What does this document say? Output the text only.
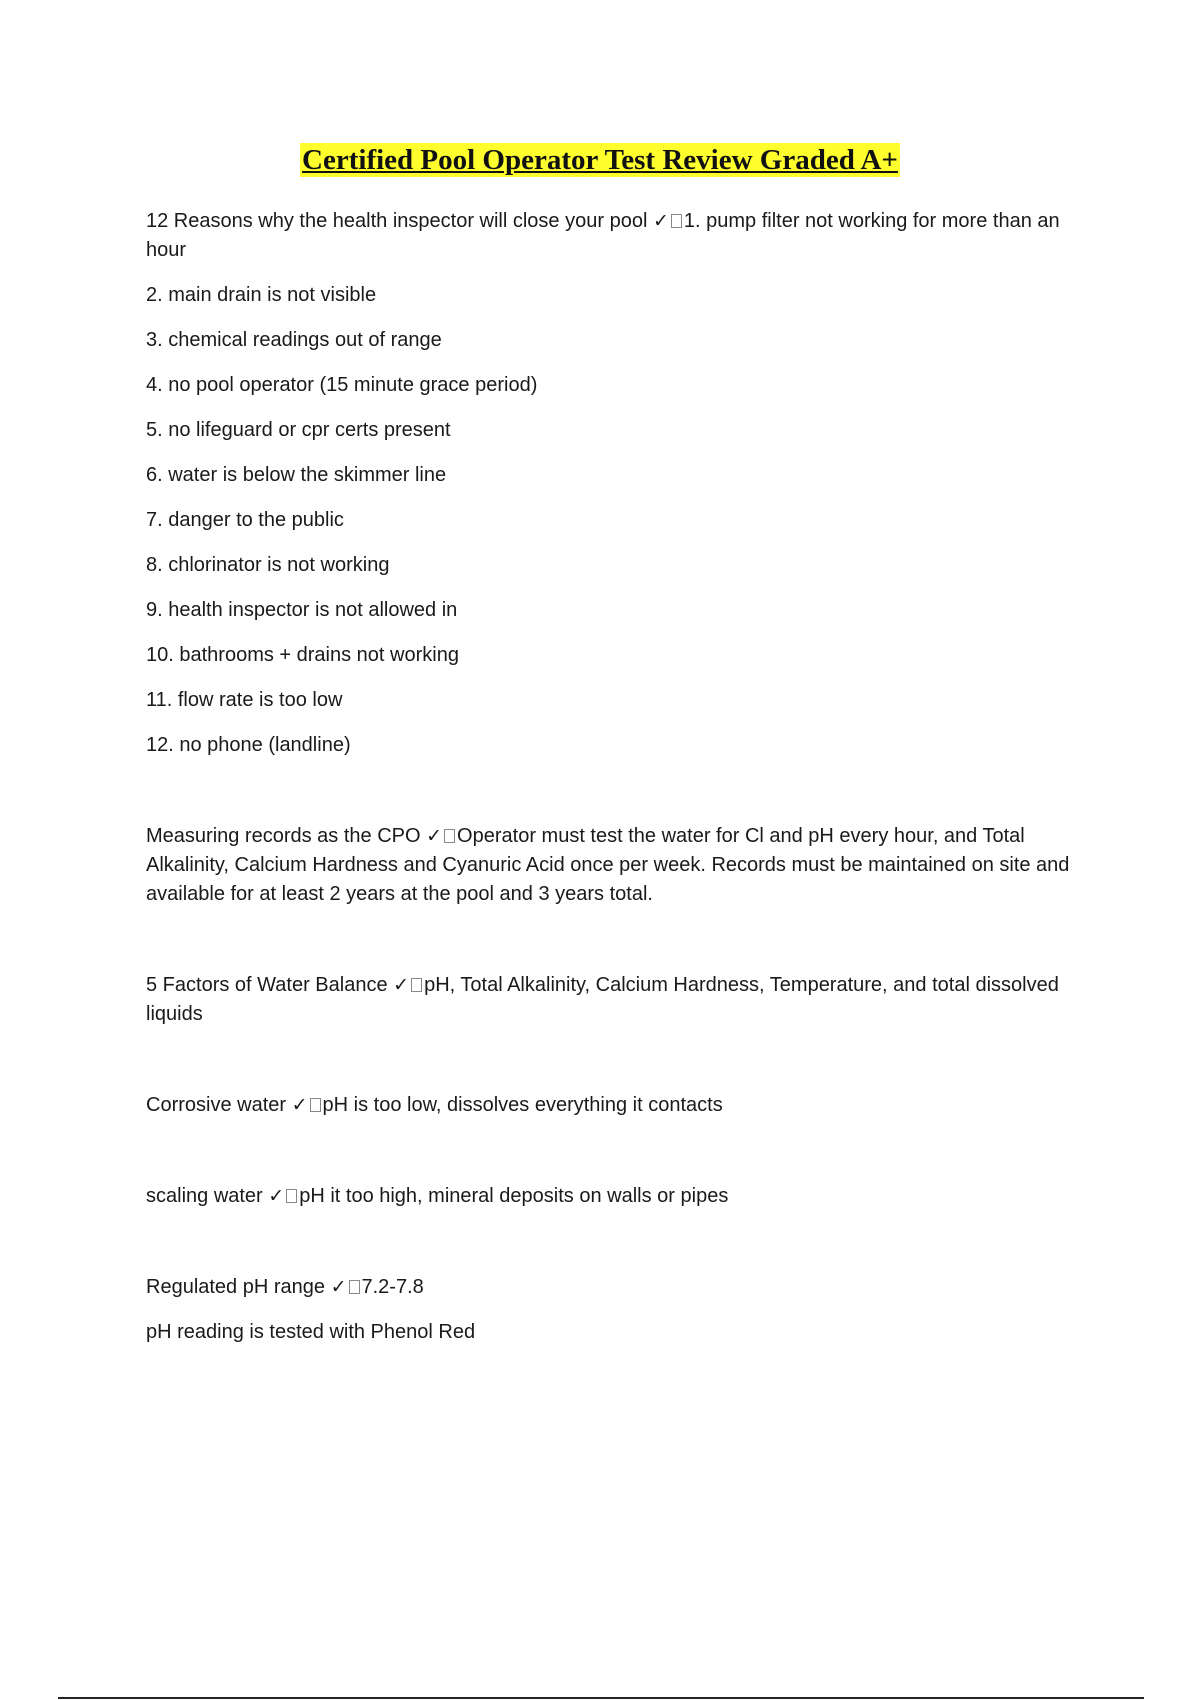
Certified Pool Operator Test Review Graded A+

12 Reasons why the health inspector will close your pool ✓ 1. pump filter not working for more than an hour

2. main drain is not visible

3. chemical readings out of range

4. no pool operator (15 minute grace period)

5. no lifeguard or cpr certs present

6. water is below the skimmer line

7. danger to the public

8. chlorinator is not working

9. health inspector is not allowed in

10. bathrooms + drains not working

11. flow rate is too low

12. no phone (landline)

Measuring records as the CPO ✓ Operator must test the water for Cl and pH every hour, and Total Alkalinity, Calcium Hardness and Cyanuric Acid once per week. Records must be maintained on site and available for at least 2 years at the pool and 3 years total.

5 Factors of Water Balance ✓ pH, Total Alkalinity, Calcium Hardness, Temperature, and total dissolved liquids

Corrosive water ✓ pH is too low, dissolves everything it contacts

scaling water ✓ pH it too high, mineral deposits on walls or pipes

Regulated pH range ✓ 7.2-7.8

pH reading is tested with Phenol Red
